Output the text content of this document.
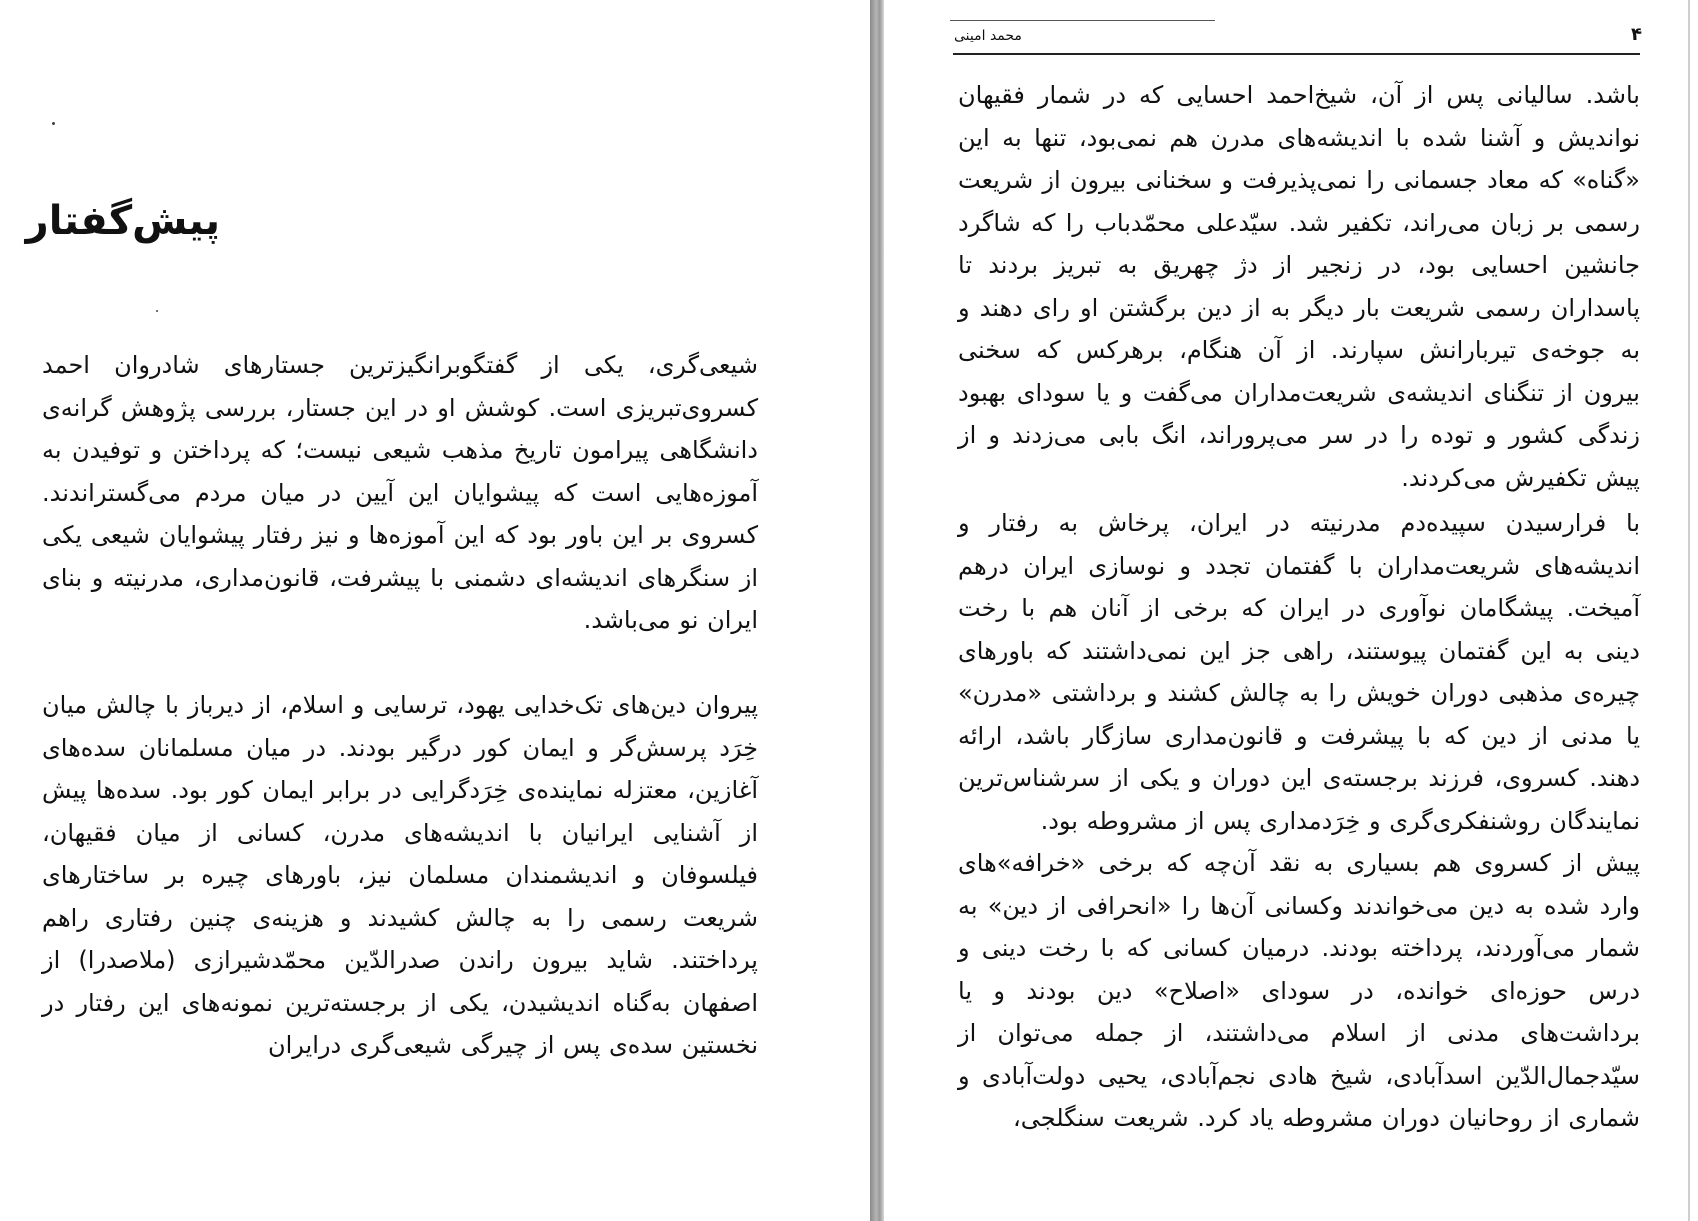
پیش‌گفتار

شیعی‌گری، یکی از گفتگوبرانگیزترین جستارهای شادروان احمد کسروی‌تبریزی است. کوشش او در این جستار، بررسی پژوهش گرانه‌ی دانشگاهی پیرامون تاریخ مذهب شیعی نیست؛ که پرداختن و توفیدن به آموزه‌هایی است که پیشوایان این آیین در میان مردم می‌گستراندند. کسروی بر این باور بود که این آموزه‌ها و نیز رفتار پیشوایان شیعی یکی از سنگرهای اندیشه‌ای دشمنی با پیشرفت، قانون‌مداری، مدرنیته و بنای ایران نو می‌باشد.

پیروان دین‌های تک‌خدایی یهود، ترسایی و اسلام، از دیرباز با چالش میان خِرَد پرسش‌گر و ایمان کور درگیر بودند. در میان مسلمانان سده‌های آغازین، معتزله نماینده‌ی خِرَدگرایی در برابر ایمان کور بود. سده‌ها پیش از آشنایی ایرانیان با اندیشه‌های مدرن، کسانی از میان فقیهان، فیلسوفان و اندیشمندان مسلمان نیز، باورهای چیره بر ساختارهای شریعت رسمی را به چالش کشیدند و هزینه‌ی چنین رفتاری راهم پرداختند. شاید بیرون راندن صدرالدّین محمّدشیرازی (ملاصدرا) از اصفهان به‌گناه اندیشیدن، یکی از برجسته‌ترین نمونه‌های این رفتار در نخستین سده‌ی پس از چیرگی شیعی‌گری درایران

محمد امینی	۴

باشد. سالیانی پس از آن، شیخ‌احمد احسایی که در شمار فقیهان نواندیش و آشنا شده با اندیشه‌های مدرن هم نمی‌بود، تنها به این «گناه» که معاد جسمانی را نمی‌پذیرفت و سخنانی بیرون از شریعت رسمی بر زبان می‌راند، تکفیر شد. سیّدعلی محمّدباب را که شاگرد جانشین احسایی بود، در زنجیر از دژ چهریق به تبریز بردند تا پاسداران رسمی شریعت بار دیگر به از دین برگشتن او رای دهند و به جوخه‌ی تیربارانش سپارند. از آن هنگام، برهرکس که سخنی بیرون از تنگنای اندیشه‌ی شریعت‌مداران می‌گفت و یا سودای بهبود زندگی کشور و توده را در سر می‌پروراند، انگ بابی می‌زدند و از پیش تکفیرش می‌کردند.

با فرارسیدن سپیده‌دم مدرنیته در ایران، پرخاش به رفتار و اندیشه‌های شریعت‌مداران با گفتمان تجدد و نوسازی ایران درهم آمیخت. پیشگامان نوآوری در ایران که برخی از آنان هم با رخت دینی به این گفتمان پیوستند، راهی جز این نمی‌داشتند که باورهای چیره‌ی مذهبی دوران خویش را به چالش کشند و برداشتی «مدرن» یا مدنی از دین که با پیشرفت و قانون‌مداری سازگار باشد، ارائه دهند. کسروی، فرزند برجسته‌ی این دوران و یکی از سرشناس‌ترین نمایندگان روشنفکری‌گری و خِرَدمداری پس از مشروطه بود.

پیش از کسروی هم بسیاری به نقد آن‌چه که برخی «خرافه»‌های وارد شده به دین می‌خواندند وکسانی آن‌ها را «انحرافی از دین» به شمار می‌آوردند، پرداخته بودند. درمیان کسانی که با رخت دینی و درس حوزه‌ای خوانده، در سودای «اصلاح» دین بودند و یا برداشت‌های مدنی از اسلام می‌داشتند، از جمله می‌توان از سیّدجمال‌الدّین اسدآبادی، شیخ هادی نجم‌آبادی، یحیی دولت‌آبادی و شماری از روحانیان دوران مشروطه یاد کرد. شریعت سنگلجی،
